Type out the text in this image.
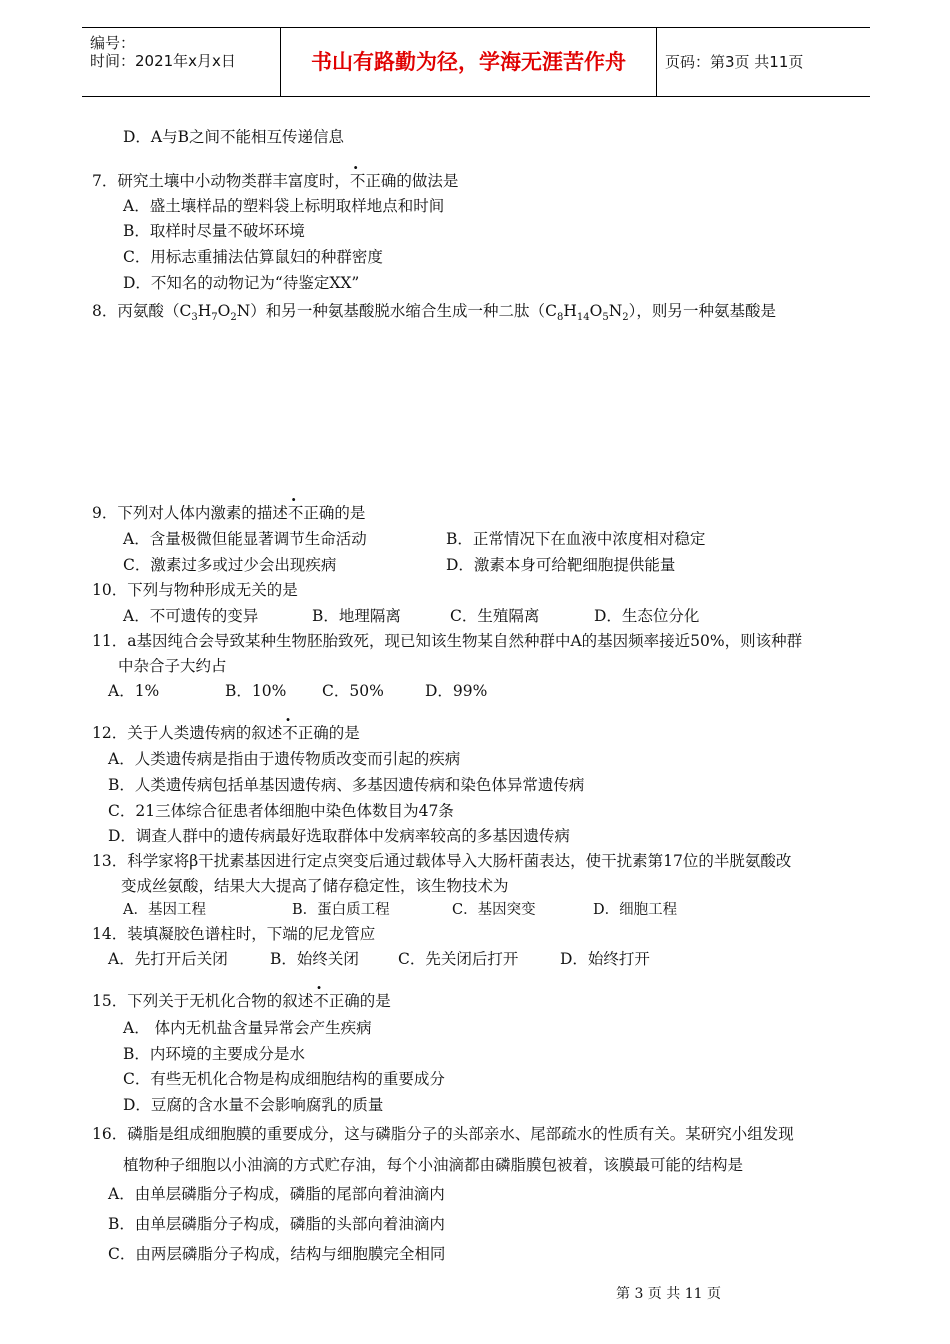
编号：
时间：2021年x月x日	书山有路勤为径，学海无涯苦作舟	页码：第3页 共11页
D．A与B之间不能相互传递信息
7．研究土壤中小动物类群丰富度时，不正确的做法是
A．盛土壤样品的塑料袋上标明取样地点和时间
B．取样时尽量不破坏环境
C．用标志重捕法估算鼠妇的种群密度
D．不知名的动物记为“待鉴定XX”
8．丙氨酸$(C_3H_7O_2N)$和另一种氨基酸脱水缩合生成一种二肽$(C_8H_{14}O_5N_2)$，则另一种氨基酸是
9．下列对人体内激素的描述不正确的是
A．含量极微但能显著调节生命活动	B．正常情况下在血液中浓度相对稳定
C．激素过多或过少会出现疾病	D．激素本身可给靶细胞提供能量
10．下列与物种形成无关的是
A．不可遗传的变异	B．地理隔离	C．生殖隔离	D．生态位分化
11．a基因纯合会导致某种生物胚胎致死，现已知该生物某自然种群中A的基因频率接近50%，则该种群
中杂合子大约占
A．1%	B．10% C．50%	D．99%
12．关于人类遗传病的叙述不正确的是
A．人类遗传病是指由于遗传物质改变而引起的疾病
B．人类遗传病包括单基因遗传病、多基因遗传病和染色体异常遗传病
C．21三体综合征患者体细胞中染色体数目为47条
D．调查人群中的遗传病最好选取群体中发病率较高的多基因遗传病
13．科学家将β干扰素基因进行定点突变后通过载体导入大肠杆菌表达，使干扰素第17位的半胱氨酸改
变成丝氨酸，结果大大提高了储存稳定性，该生物技术为
A．基因工程	B．蛋白质工程	C．基因突变	D．细胞工程
14．装填凝胶色谱柱时，下端的尼龙管应
A．先打开后关闭	B．始终关闭	C．先关闭后打开	D．始终打开
15．下列关于无机化合物的叙述不正确的是
A． 体内无机盐含量异常会产生疾病
B．内环境的主要成分是水
C．有些无机化合物是构成细胞结构的重要成分
D．豆腐的含水量不会影响腐乳的质量
16．磷脂是组成细胞膜的重要成分，这与磷脂分子的头部亲水、尾部疏水的性质有关。某研究小组发现
植物种子细胞以小油滴的方式贮存油，每个小油滴都由磷脂膜包被着，该膜最可能的结构是
A．由单层磷脂分子构成，磷脂的尾部向着油滴内
B．由单层磷脂分子构成，磷脂的头部向着油滴内
C．由两层磷脂分子构成，结构与细胞膜完全相同
第 3 页 共 11 页
